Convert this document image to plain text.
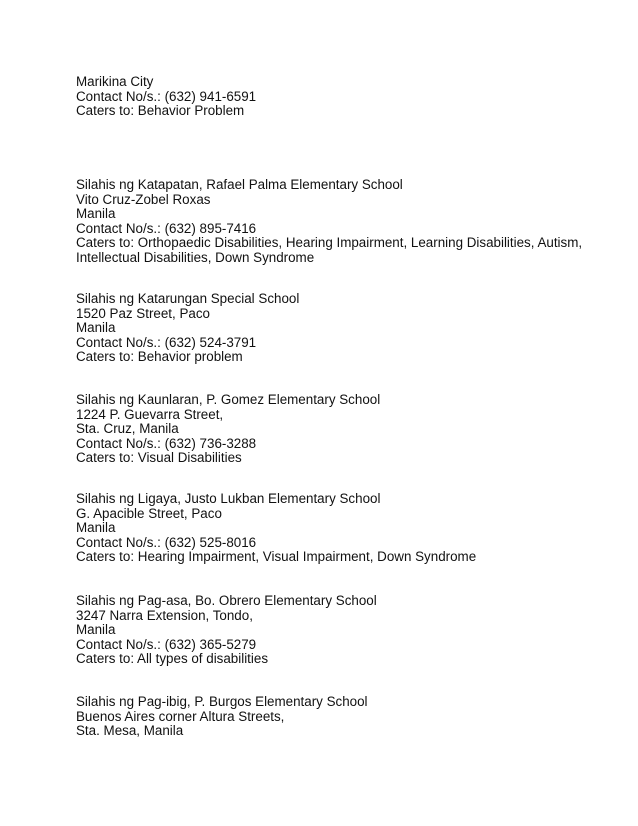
Marikina City
Contact No/s.: (632) 941-6591
Caters to: Behavior Problem
Silahis ng Katapatan, Rafael Palma Elementary School
Vito Cruz-Zobel Roxas
Manila
Contact No/s.: (632) 895-7416
Caters to: Orthopaedic Disabilities, Hearing Impairment, Learning Disabilities, Autism,
Intellectual Disabilities, Down Syndrome
Silahis ng Katarungan Special School
1520 Paz Street, Paco
Manila
Contact No/s.: (632) 524-3791
Caters to: Behavior problem
Silahis ng Kaunlaran, P. Gomez Elementary School
1224 P. Guevarra Street,
Sta. Cruz, Manila
Contact No/s.: (632) 736-3288
Caters to: Visual Disabilities
Silahis ng Ligaya, Justo Lukban Elementary School
G. Apacible Street, Paco
Manila
Contact No/s.: (632) 525-8016
Caters to: Hearing Impairment, Visual Impairment, Down Syndrome
Silahis ng Pag-asa, Bo. Obrero Elementary School
3247 Narra Extension, Tondo,
Manila
Contact No/s.: (632) 365-5279
Caters to: All types of disabilities
Silahis ng Pag-ibig, P. Burgos Elementary School
Buenos Aires corner Altura Streets,
Sta. Mesa, Manila
